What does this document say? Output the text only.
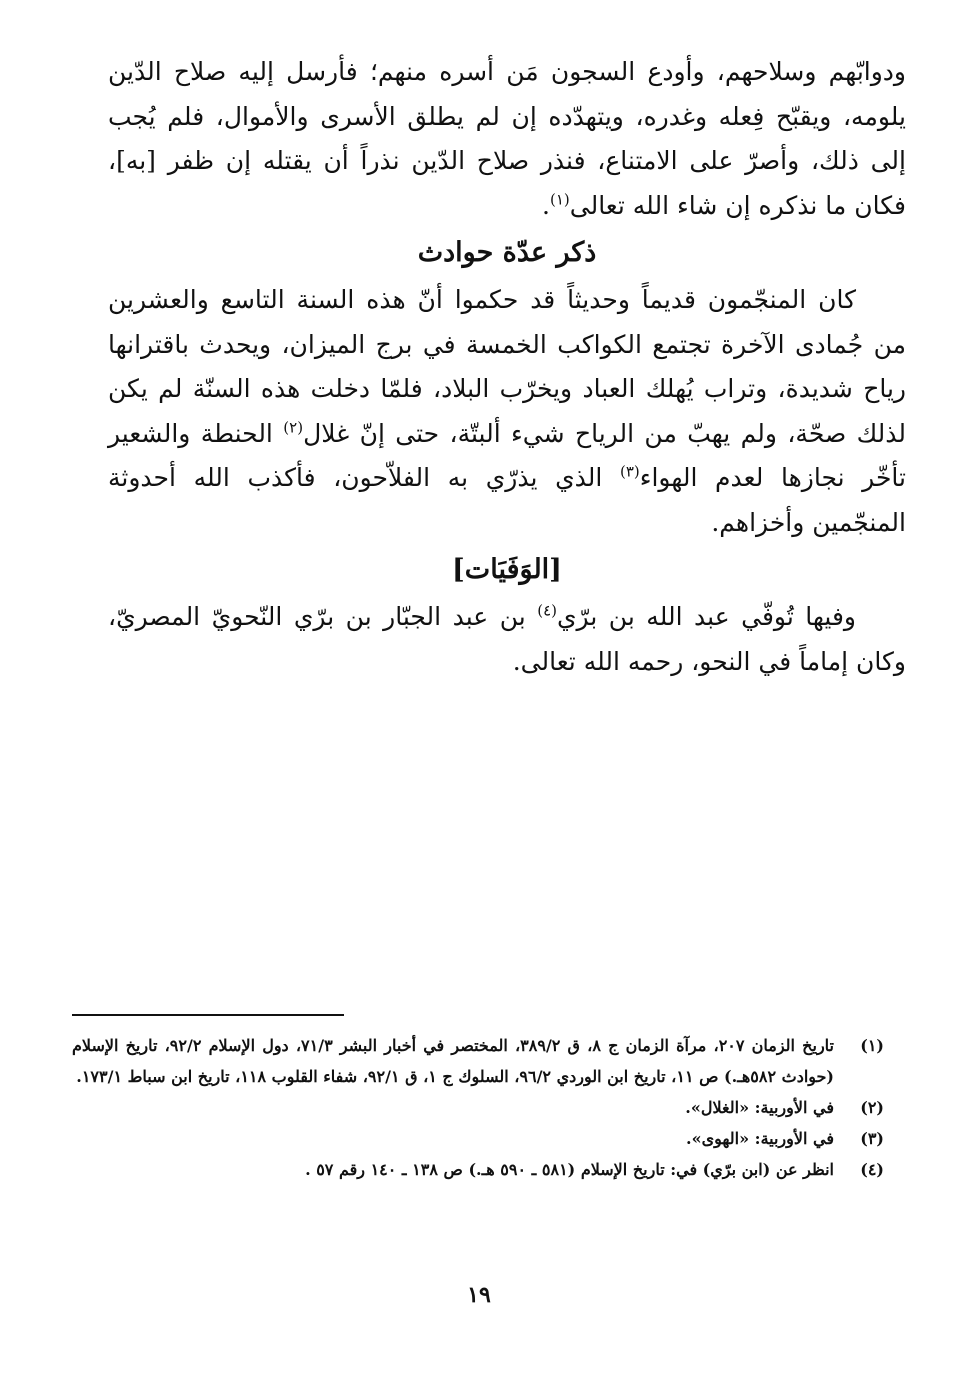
ودوابّهم وسلاحهم، وأودع السجون مَن أسره منهم؛ فأرسل إليه صلاح الدّين يلومه، ويقبّح فِعله وغدره، ويتهدّده إن لم يطلق الأسرى والأموال، فلم يُجب إلى ذلك، وأصرّ على الامتناع، فنذر صلاح الدّين نذراً أن يقتله إن ظفر [به]، فكان ما نذكره إن شاء الله تعالى$^{(١)}$.

ذكر عدّة حوادث

كان المنجّمون قديماً وحديثاً قد حكموا أنّ هذه السنة التاسع والعشرين من جُمادى الآخرة تجتمع الكواكب الخمسة في برج الميزان، ويحدث باقترانها رياح شديدة، وتراب يُهلك العباد ويخرّب البلاد، فلمّا دخلت هذه السنّة لم يكن لذلك صحّة، ولم يهبّ من الرياح شيء ألبتّة، حتى إنّ غلال$^{(٢)}$ الحنطة والشعير تأخّر نجازها لعدم الهواء$^{(٣)}$ الذي يذرّي به الفلاّحون، فأكذب الله أحدوثة المنجّمين وأخزاهم.

[الوَفَيَات]

وفيها تُوفّي عبد الله بن برّي$^{(٤)}$ بن عبد الجبّار بن برّي النّحويّ المصريّ، وكان إماماً في النحو، رحمه الله تعالى.

(١)
تاريخ الزمان ٢٠٧، مرآة الزمان ج ٨، ق ٣٨٩/٢، المختصر في أخبار البشر ٧١/٣، دول الإسلام ٩٢/٢، تاريخ الإسلام (حوادث ٥٨٢هـ.) ص ١١، تاريخ ابن الوردي ٩٦/٢، السلوك ج ١، ق ٩٢/١، شفاء القلوب ١١٨، تاريخ ابن سباط ١٧٣/١.
(٢)
في الأوربية: «الغلال».
(٣)
في الأوربية: «الهوى».
(٤)
انظر عن (ابن برّي) في: تاريخ الإسلام (٥٨١ ـ ٥٩٠ هـ.) ص ١٣٨ ـ ١٤٠ رقم ٥٧ .
١٩
